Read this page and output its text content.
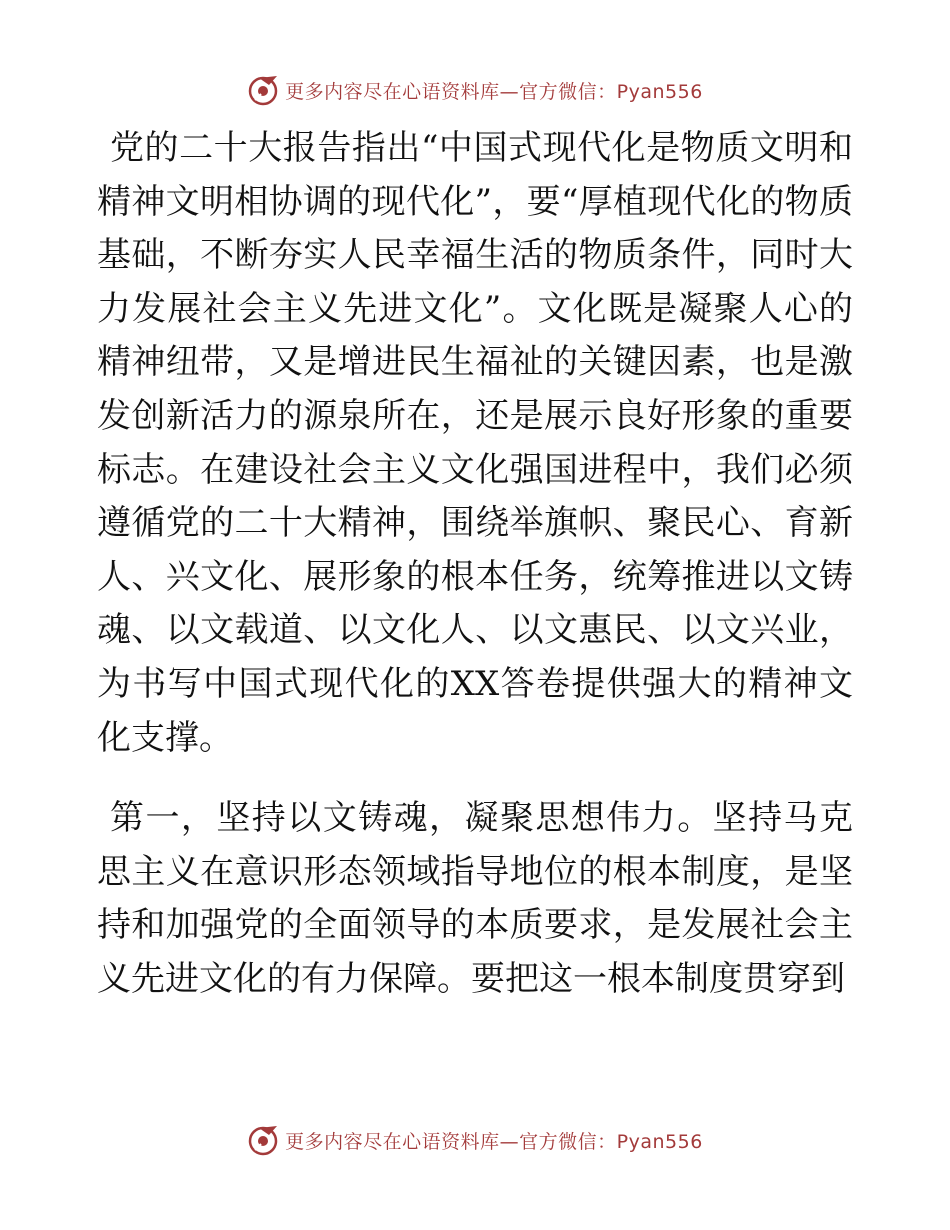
更多内容尽在心语资料库—官方微信：Pyan556

党的二十大报告指出“中国式现代化是物质文明和精神文明相协调的现代化”，要“厚植现代化的物质基础，不断夯实人民幸福生活的物质条件，同时大力发展社会主义先进文化”。文化既是凝聚人心的精神纽带，又是增进民生福祉的关键因素，也是激发创新活力的源泉所在，还是展示良好形象的重要标志。在建设社会主义文化强国进程中，我们必须遵循党的二十大精神，围绕举旗帜、聚民心、育新人、兴文化、展形象的根本任务，统筹推进以文铸魂、以文载道、以文化人、以文惠民、以文兴业，为书写中国式现代化的XX答卷提供强大的精神文化支撑。

第一，坚持以文铸魂，凝聚思想伟力。坚持马克思主义在意识形态领域指导地位的根本制度，是坚持和加强党的全面领导的本质要求，是发展社会主义先进文化的有力保障。要把这一根本制度贯穿到

更多内容尽在心语资料库—官方微信：Pyan556
